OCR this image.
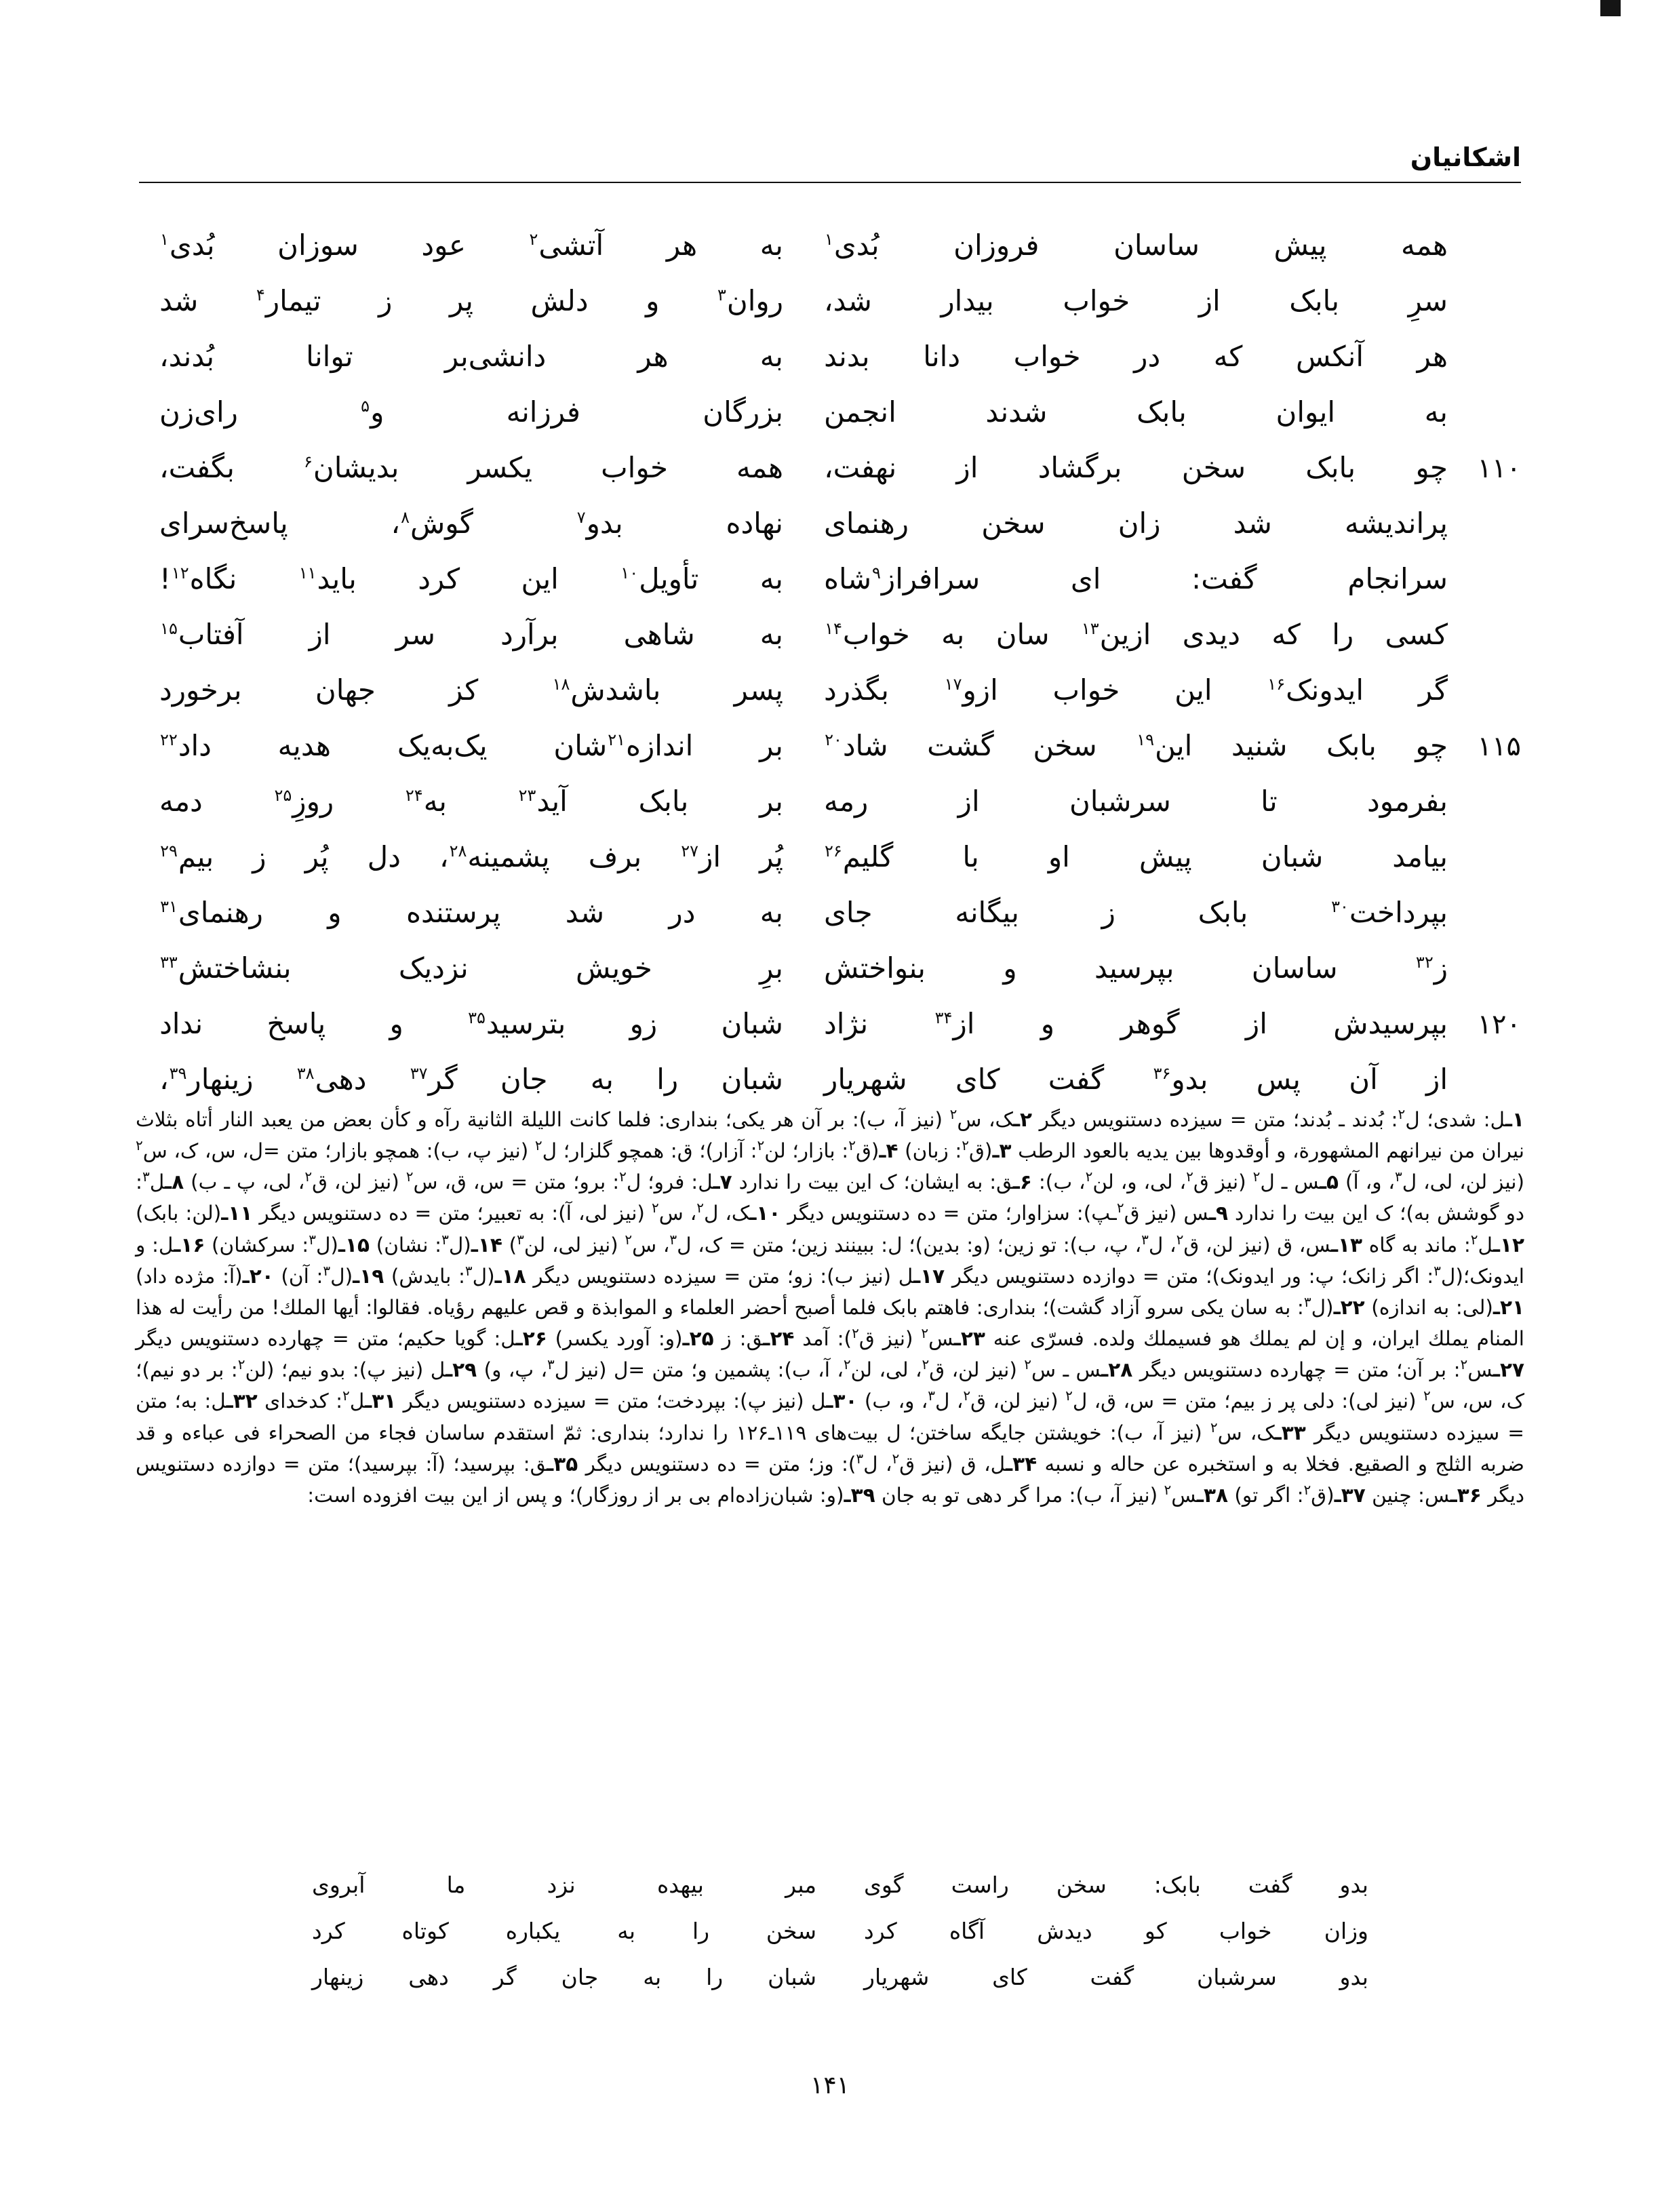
اشکانیان
همه
پیش
ساسان
فروزان
بُدی$^۱$
به
هر
آتشی$^۲$
عود
سوزان
بُدی$^۱$
سرِ
بابک
از
خواب
بیدار
شد،
روان$^۳$
و
دلش
پر
ز
تیمار$^۴$
شد
هر
آنکس
که
در
خواب
دانا
بدند
به
هر
دانشی‌بر
توانا
بُدند،
به
ایوان
بابک
شدند
انجمن
بزرگان
فرزانه
و$^۵$
رای‌زن
۱۱۰
چو
بابک
سخن
برگشاد
از
نهفت،
همه
خواب
یکسر
بدیشان$^۶$
بگفت،
پراندیشه
شد
زان
سخن
رهنمای
نهاده
بدو$^۷$
گوش$^۸$،
پاسخ‌سرای
سرانجام
گفت:
ای
سرافراز$^۹$شاه
به
تأویل$^{۱۰}$
این
کرد
باید$^{۱۱}$
نگاه$^{۱۲}$!
کسی
را
که
دیدی
ازین$^{۱۳}$
سان
به
خواب$^{۱۴}$
به
شاهی
برآرد
سر
از
آفتاب$^{۱۵}$
گر
ایدونک$^{۱۶}$
این
خواب
ازو$^{۱۷}$
بگذرد
پسر
باشدش$^{۱۸}$
کز
جهان
برخورد
۱۱۵
چو
بابک
شنید
این$^{۱۹}$
سخن
گشت
شاد$^{۲۰}$
بر
اندازه$^{۲۱}$شان
یک‌به‌یک
هدیه
داد$^{۲۲}$
بفرمود
تا
سرشبان
از
رمه
بر
بابک
آید$^{۲۳}$
به$^{۲۴}$
روزِ$^{۲۵}$
دمه
بیامد
شبان
پیش
او
با
گلیم$^{۲۶}$
پُر
از$^{۲۷}$
برف
پشمینه$^{۲۸}$،
دل
پُر
ز
بیم$^{۲۹}$
بپرداخت$^{۳۰}$
بابک
ز
بیگانه
جای
به
در
شد
پرستنده
و
رهنمای$^{۳۱}$
ز$^{۳۲}$
ساسان
بپرسید
و
بنواختش
برِ
خویش
نزدیک
بنشاختش$^{۳۳}$
۱۲۰
بپرسیدش
از
گوهر
و
از$^{۳۴}$
نژاد
شبان
زو
بترسید$^{۳۵}$
و
پاسخ
نداد
از
آن
پس
بدو$^{۳۶}$
گفت
کای
شهریار
شبان
را
به
جان
گر$^{۳۷}$
دهی$^{۳۸}$
زینهار$^{۳۹}$،

۱ـل: شدی؛ ل$^۲$: بُدند ـ بُدند؛ متن = سیزده دستنویس دیگر ۲ـک، س$^۲$ (نیز آ، ب): بر آن هر یکی؛ بنداری: فلما کانت اللیلة الثانیة رآه و کأن بعض من یعبد النار أتاه بثلاث نیران من نیرانهم المشهورة، و أوقدوها بین یدیه بالعود الرطب ۳ـ(ق$^۲$: زبان) ۴ـ(ق$^۲$: بازار؛ لن$^۲$: آزار)؛ ق: همچو گلزار؛ ل$^۲$ (نیز پ، ب): همچو بازار؛ متن =ل، س، ک، س$^۲$ (نیز لن، لی، ل$^۳$، و، آ) ۵ـس ـ ل$^۲$ (نیز ق$^۲$، لی، و، لن$^۲$، ب): ۶ـق: به ایشان؛ ک این بیت را ندارد ۷ـل: فرو؛ ل$^۲$: برو؛ متن = س، ق، س$^۲$ (نیز لن، ق$^۲$، لی، پ ـ ب) ۸ـل$^۳$: دو گوشش به)؛ ک این بیت را ندارد ۹ـس (نیز ق$^۲$ـپ): سزاوار؛ متن = ده دستنویس دیگر ۱۰ـک، ل$^۲$، س$^۲$ (نیز لی، آ): به تعبیر؛ متن = ده دستنویس دیگر ۱۱ـ(لن: بابک) ۱۲ـل$^۲$: ماند به گاه ۱۳ـس، ق (نیز لن، ق$^۲$، ل$^۳$، پ، ب): تو زین؛ (و: بدین)؛ ل: ببینند زین؛ متن = ک، ل$^۳$، س$^۲$ (نیز لی، لن$^۳$) ۱۴ـ(ل$^۳$: نشان) ۱۵ـ(ل$^۳$: سرکشان) ۱۶ـل: و ایدونک؛(ل$^۳$: اگر زانک؛ پ: ور ایدونک)؛ متن = دوازده دستنویس دیگر ۱۷ـل (نیز ب): زو؛ متن = سیزده دستنویس دیگر ۱۸ـ(ل$^۳$: بایدش) ۱۹ـ(ل$^۳$: آن) ۲۰ـ(آ: مژده داد) ۲۱ـ(لی: به اندازه) ۲۲ـ(ل$^۳$: به سان یکی سرو آزاد گشت)؛ بنداری: فاهتم بابک فلما أصبح أحضر العلماء و الموابذة و قص علیهم رؤیاه. فقالوا: أیها الملك! من رأیت له هذا المنام یملك ایران، و إن لم یملك هو فسیملك ولده. فسرّی عنه ۲۳ـس$^۲$ (نیز ق$^۲$): آمد ۲۴ـق: ز ۲۵ـ(و: آورد یکسر) ۲۶ـل: گویا حکیم؛ متن = چهارده دستنویس دیگر ۲۷ـس$^۲$: بر آن؛ متن = چهارده دستنویس دیگر ۲۸ـس ـ س$^۲$ (نیز لن، ق$^۲$، لی، لن$^۲$، آ، ب): پشمین و؛ متن =ل (نیز ل$^۳$، پ، و) ۲۹ـل (نیز پ): بدو نیم؛ (لن$^۲$: بر دو نیم)؛ک، س، س$^۲$ (نیز لی): دلی پر ز بیم؛ متن = س، ق، ل$^۲$ (نیز لن، ق$^۲$، ل$^۳$، و، ب) ۳۰ـل (نیز پ): بپردخت؛ متن = سیزده دستنویس دیگر ۳۱ـل$^۲$: کدخدای ۳۲ـل: به؛ متن = سیزده دستنویس دیگر ۳۳ـک، س$^۲$ (نیز آ، ب): خویشتن جایگه ساختن؛ ل بیت‌های ۱۱۹ـ۱۲۶ را ندارد؛ بنداری: ثمّ استقدم ساسان فجاء من الصحراء فی عباءه و قد ضربه الثلج و الصقیع. فخلا به و استخبره عن حاله و نسبه ۳۴ـل، ق (نیز ق$^۲$، ل$^۳$): وز؛ متن = ده دستنویس دیگر ۳۵ـق: بپرسید؛ (آ: بپرسید)؛ متن = دوازده دستنویس دیگر ۳۶ـس: چنین ۳۷ـ(ق$^۲$: اگر تو) ۳۸ـس$^۲$ (نیز آ، ب): مرا گر دهی تو به جان ۳۹ـ(و: شبان‌زاده‌ام بی بر از روزگار)؛ و پس از این بیت افزوده است:

بدو
گفت
بابک:
سخن
راست
گوی
مبر
بیهده
نزد
ما
آبروی
وزان
خواب
کو
دیدش
آگاه
کرد
سخن
را
به
یکباره
کوتاه
کرد
بدو
سرشبان
گفت
کای
شهریار
شبان
را
به
جان
گر
دهی
زینهار
۱۴۱
